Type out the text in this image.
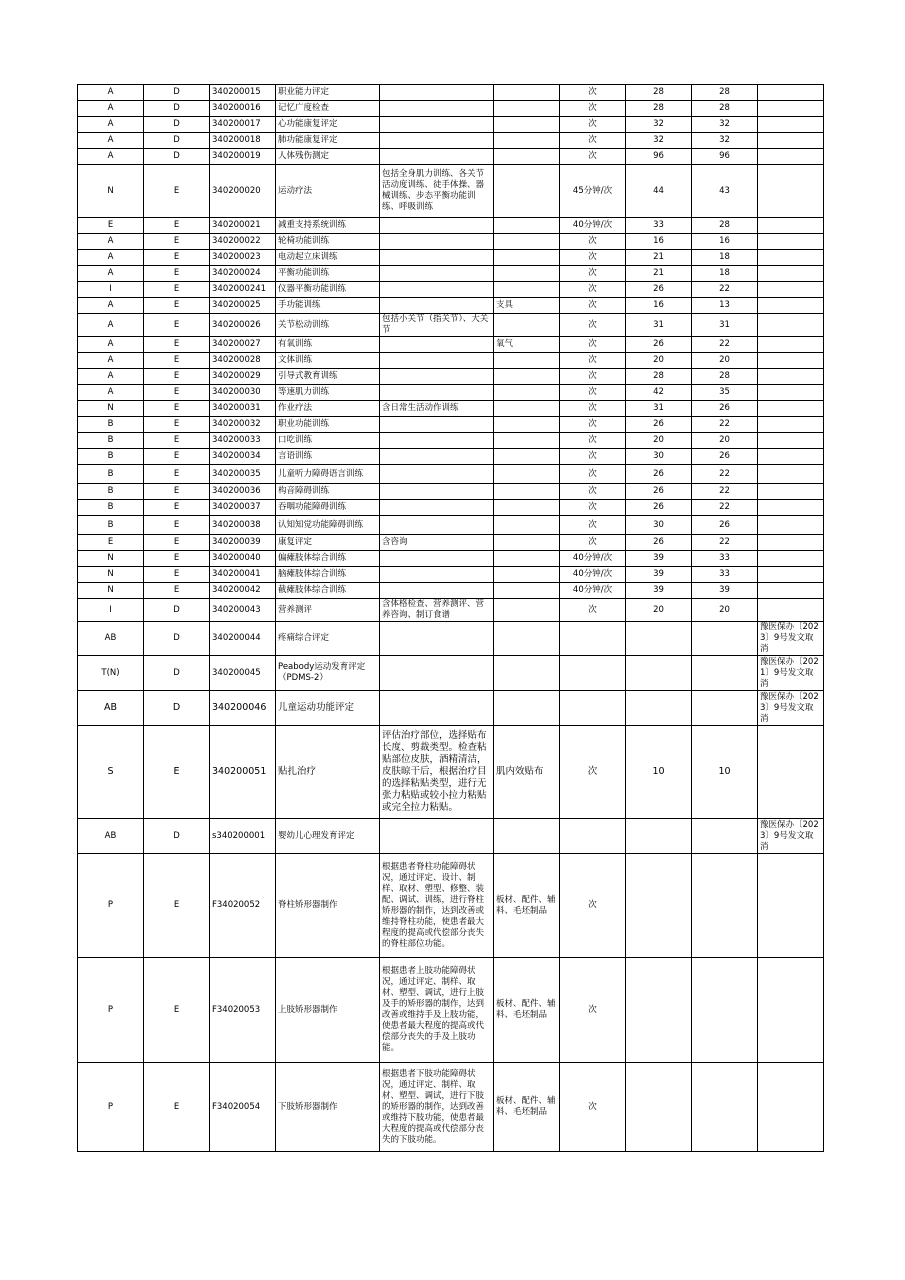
A	D	340200015	职业能力评定			次	28	28	
A	D	340200016	记忆广度检查			次	28	28	
A	D	340200017	心功能康复评定			次	32	32	
A	D	340200018	肺功能康复评定			次	32	32	
A	D	340200019	人体残伤测定			次	96	96	
N	E	340200020	运动疗法	包括全身肌力训练、各关节活动度训练、徒手体操、器械训练、步态平衡功能训练、呼吸训练		45分钟/次	44	43	
E	E	340200021	减重支持系统训练			40分钟/次	33	28	
A	E	340200022	轮椅功能训练			次	16	16	
A	E	340200023	电动起立床训练			次	21	18	
A	E	340200024	平衡功能训练			次	21	18	
I	E	3402000241	仪器平衡功能训练			次	26	22	
A	E	340200025	手功能训练		支具	次	16	13	
A	E	340200026	关节松动训练	包括小关节（指关节）、大关节		次	31	31	
A	E	340200027	有氧训练		氧气	次	26	22	
A	E	340200028	文体训练			次	20	20	
A	E	340200029	引导式教育训练			次	28	28	
A	E	340200030	等速肌力训练			次	42	35	
N	E	340200031	作业疗法	含日常生活动作训练		次	31	26	
B	E	340200032	职业功能训练			次	26	22	
B	E	340200033	口吃训练			次	20	20	
B	E	340200034	言语训练			次	30	26	
B	E	340200035	儿童听力障碍语言训练			次	26	22	
B	E	340200036	构音障碍训练			次	26	22	
B	E	340200037	吞咽功能障碍训练			次	26	22	
B	E	340200038	认知知觉功能障碍训练			次	30	26	
E	E	340200039	康复评定	含咨询		次	26	22	
N	E	340200040	偏瘫肢体综合训练			40分钟/次	39	33	
N	E	340200041	脑瘫肢体综合训练			40分钟/次	39	33	
N	E	340200042	截瘫肢体综合训练			40分钟/次	39	39	
I	D	340200043	营养测评	含体格检查、营养测评、营养咨询、制订食谱		次	20	20	
AB	D	340200044	疼痛综合评定						豫医保办〔2023〕9号发文取消
T(N)	D	340200045	Peabody运动发育评定（PDMS-2）						豫医保办〔2021〕9号发文取消
AB	D	340200046	儿童运动功能评定						豫医保办〔2023〕9号发文取消
S	E	340200051	贴扎治疗	评估治疗部位，选择贴布长度、剪裁类型。检查粘贴部位皮肤，酒精清洁，皮肤晾干后，根据治疗目的选择粘贴类型，进行无张力粘贴或较小拉力粘贴或完全拉力粘贴。	肌内效贴布	次	10	10	
AB	D	s340200001	婴幼儿心理发育评定						豫医保办〔2023〕9号发文取消
P	E	F34020052	脊柱矫形器制作	根据患者脊柱功能障碍状况，通过评定、设计、制样、取材、塑型、修整、装配、调试、训练，进行脊柱矫形器的制作，达到改善或维持脊柱功能，使患者最大程度的提高或代偿部分丧失的脊柱部位功能。	板材、配件、辅料、毛坯制品	次			
P	E	F34020053	上肢矫形器制作	根据患者上肢功能障碍状况，通过评定、制样、取材、塑型、调试，进行上肢及手的矫形器的制作，达到改善或维持手及上肢功能，使患者最大程度的提高或代偿部分丧失的手及上肢功能。	板材、配件、辅料、毛坯制品	次			
P	E	F34020054	下肢矫形器制作	根据患者下肢功能障碍状况，通过评定、制样、取材、塑型、调试，进行下肢的矫形器的制作，达到改善或维持下肢功能，使患者最大程度的提高或代偿部分丧失的下肢功能。	板材、配件、辅料、毛坯制品	次			
